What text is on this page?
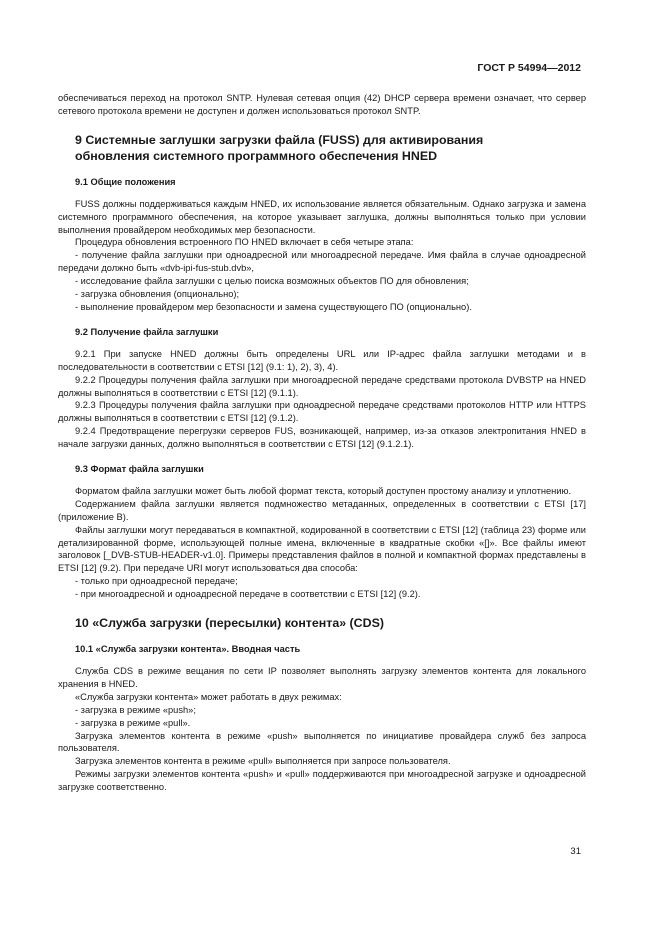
ГОСТ Р 54994—2012

обеспечиваться переход на протокол SNTP. Нулевая сетевая опция (42) DHCP сервера времени означает, что сервер сетевого протокола времени не доступен и должен использоваться протокол SNTP.

9 Системные заглушки загрузки файла (FUSS) для активирования
обновления системного программного обеспечения HNED
9.1 Общие положения

FUSS должны поддерживаться каждым HNED, их использование является обязательным. Однако загрузка и замена системного программного обеспечения, на которое указывает заглушка, должны выполняться только при условии выполнения провайдером необходимых мер безопасности.

Процедура обновления встроенного ПО HNED включает в себя четыре этапа:

- получение файла заглушки при одноадресной или многоадресной передаче. Имя файла в случае одноадресной передачи должно быть «dvb-ipi-fus-stub.dvb»,

- исследование файла заглушки с целью поиска возможных объектов ПО для обновления;

- загрузка обновления (опционально);

- выполнение провайдером мер безопасности и замена существующего ПО (опционально).

9.2 Получение файла заглушки

9.2.1 При запуске HNED должны быть определены URL или IP-адрес файла заглушки методами и в последовательности в соответствии с ETSI [12] (9.1: 1), 2), 3), 4).

9.2.2 Процедуры получения файла заглушки при многоадресной передаче средствами протокола DVBSTP на HNED должны выполняться в соответствии с ETSI [12] (9.1.1).

9.2.3 Процедуры получения файла заглушки при одноадресной передаче средствами протоколов HTTP или HTTPS должны выполняться в соответствии с ETSI [12] (9.1.2).

9.2.4 Предотвращение перегрузки серверов FUS, возникающей, например, из-за отказов электропитания HNED в начале загрузки данных, должно выполняться в соответствии с ETSI [12] (9.1.2.1).

9.3 Формат файла заглушки

Форматом файла заглушки может быть любой формат текста, который доступен простому анализу и уплотнению.

Содержанием файла заглушки является подмножество метаданных, определенных в соответствии с ETSI [17] (приложение В).

Файлы заглушки могут передаваться в компактной, кодированной в соответствии с ETSI [12] (таблица 23) форме или детализированной форме, использующей полные имена, включенные в квадратные скобки «[]». Все файлы имеют заголовок [_DVB-STUB-HEADER-v1.0]. Примеры представления файлов в полной и компактной формах представлены в ETSI [12] (9.2). При передаче URI могут использоваться два способа:

- только при одноадресной передаче;

- при многоадресной и одноадресной передаче в соответствии с ETSI [12] (9.2).

10 «Служба загрузки (пересылки) контента» (CDS)
10.1 «Служба загрузки контента». Вводная часть

Служба CDS в режиме вещания по сети IP позволяет выполнять загрузку элементов контента для локального хранения в HNED.

«Служба загрузки контента» может работать в двух режимах:

- загрузка в режиме «push»;

- загрузка в режиме «pull».

Загрузка элементов контента в режиме «push» выполняется по инициативе провайдера служб без запроса пользователя.

Загрузка элементов контента в режиме «pull» выполняется при запросе пользователя.

Режимы загрузки элементов контента «push» и «pull» поддерживаются при многоадресной загрузке и одноадресной загрузке соответственно.

31
